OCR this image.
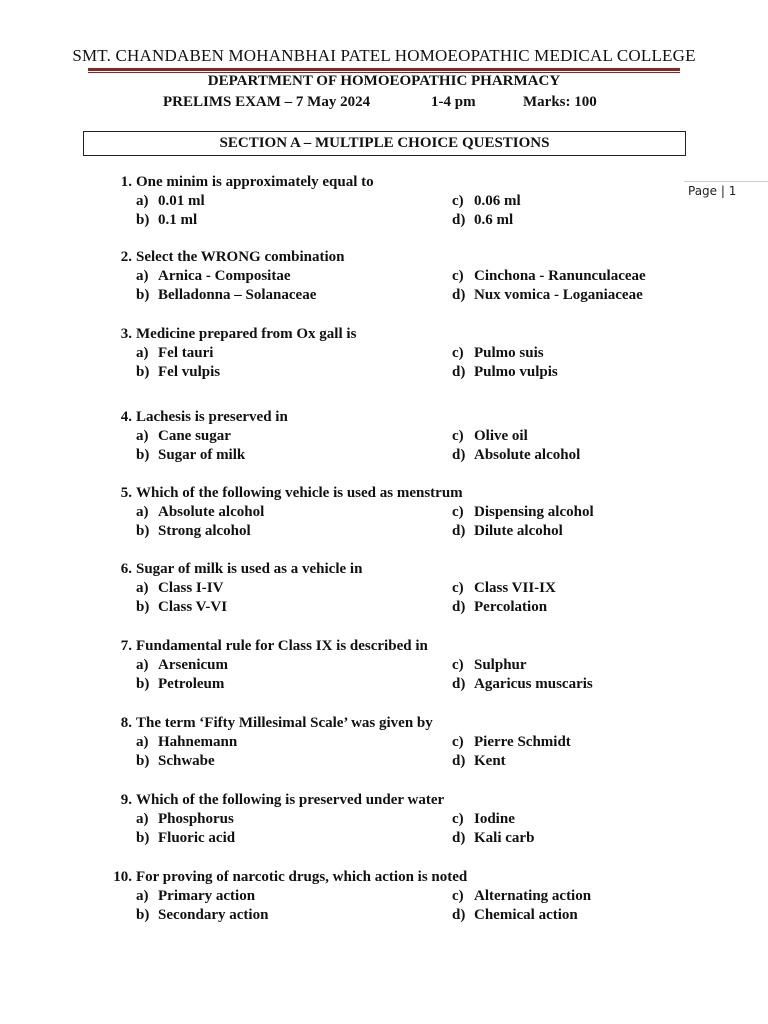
SMT. CHANDABEN MOHANBHAI PATEL HOMOEOPATHIC MEDICAL COLLEGE
DEPARTMENT OF HOMOEOPATHIC PHARMACY
PRELIMS EXAM – 7 May 2024	1-4 pm	Marks: 100
SECTION A – MULTIPLE CHOICE QUESTIONS
Page | 1
1. One minim is approximately equal to
a) 0.01 ml
b) 0.1 ml
c) 0.06 ml
d) 0.6 ml
2. Select the WRONG combination
a) Arnica - Compositae
b) Belladonna – Solanaceae
c) Cinchona - Ranunculaceae
d) Nux vomica - Loganiaceae
3. Medicine prepared from Ox gall is
a) Fel tauri
b) Fel vulpis
c) Pulmo suis
d) Pulmo vulpis
4. Lachesis is preserved in
a) Cane sugar
b) Sugar of milk
c) Olive oil
d) Absolute alcohol
5. Which of the following vehicle is used as menstrum
a) Absolute alcohol
b) Strong alcohol
c) Dispensing alcohol
d) Dilute alcohol
6. Sugar of milk is used as a vehicle in
a) Class I-IV
b) Class V-VI
c) Class VII-IX
d) Percolation
7. Fundamental rule for Class IX is described in
a) Arsenicum
b) Petroleum
c) Sulphur
d) Agaricus muscaris
8. The term ‘Fifty Millesimal Scale’ was given by
a) Hahnemann
b) Schwabe
c) Pierre Schmidt
d) Kent
9. Which of the following is preserved under water
a) Phosphorus
b) Fluoric acid
c) Iodine
d) Kali carb
10. For proving of narcotic drugs, which action is noted
a) Primary action
b) Secondary action
c) Alternating action
d) Chemical action
